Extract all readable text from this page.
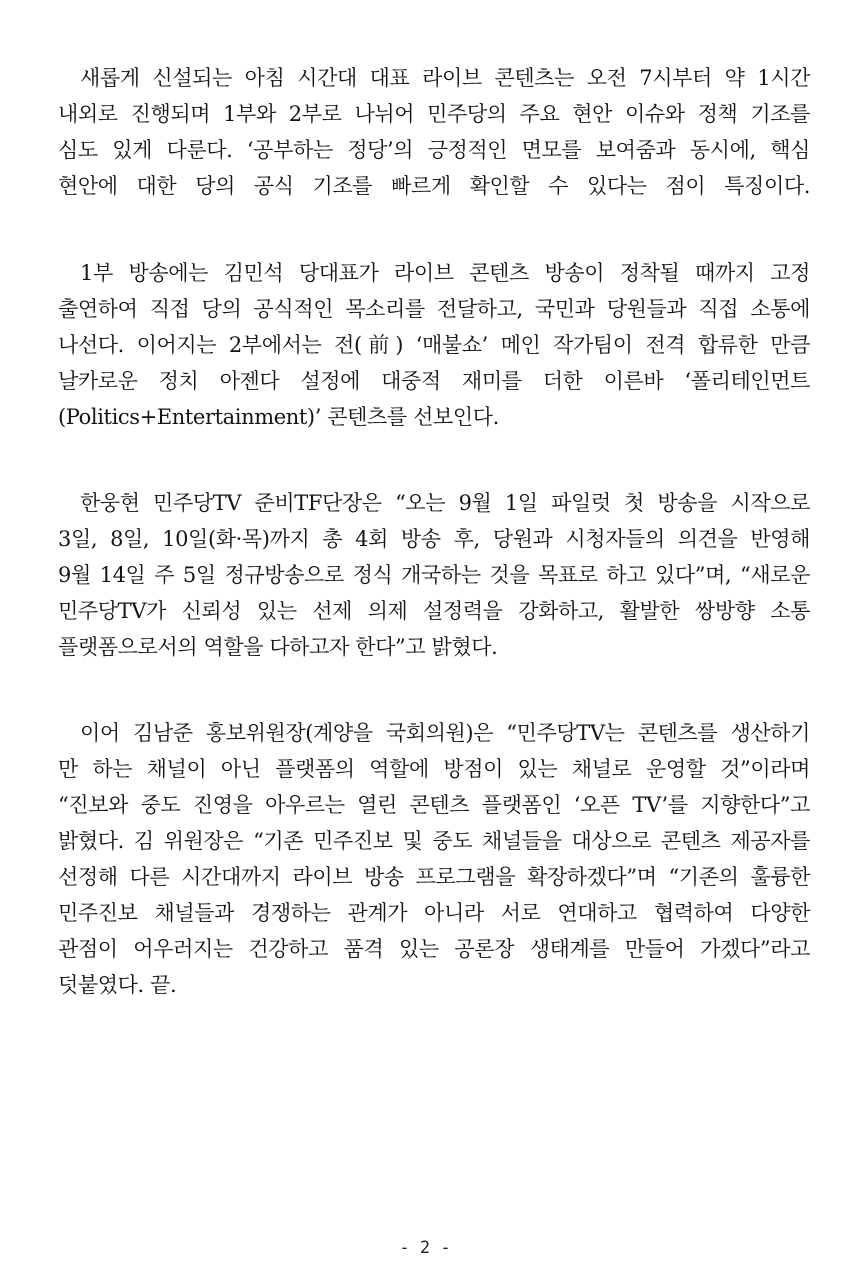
새롭게 신설되는 아침 시간대 대표 라이브 콘텐츠는 오전 7시부터 약 1시간
내외로 진행되며 1부와 2부로 나뉘어 민주당의 주요 현안 이슈와 정책 기조를
심도 있게 다룬다. ‘공부하는 정당’의 긍정적인 면모를 보여줌과 동시에, 핵심
현안에 대한 당의 공식 기조를 빠르게 확인할 수 있다는 점이 특징이다.
1부 방송에는 김민석 당대표가 라이브 콘텐츠 방송이 정착될 때까지 고정
출연하여 직접 당의 공식적인 목소리를 전달하고, 국민과 당원들과 직접 소통에
나선다. 이어지는 2부에서는 전(前) ‘매불쇼’ 메인 작가팀이 전격 합류한 만큼
날카로운 정치 아젠다 설정에 대중적 재미를 더한 이른바 ‘폴리테인먼트
(Politics+Entertainment)’ 콘텐츠를 선보인다.
한웅현 민주당TV 준비TF단장은 “오는 9월 1일 파일럿 첫 방송을 시작으로
3일, 8일, 10일(화·목)까지 총 4회 방송 후, 당원과 시청자들의 의견을 반영해
9월 14일 주 5일 정규방송으로 정식 개국하는 것을 목표로 하고 있다”며, “새로운
민주당TV가 신뢰성 있는 선제 의제 설정력을 강화하고, 활발한 쌍방향 소통
플랫폼으로서의 역할을 다하고자 한다”고 밝혔다.
이어 김남준 홍보위원장(계양을 국회의원)은 “민주당TV는 콘텐츠를 생산하기
만 하는 채널이 아닌 플랫폼의 역할에 방점이 있는 채널로 운영할 것”이라며
“진보와 중도 진영을 아우르는 열린 콘텐츠 플랫폼인 ‘오픈 TV’를 지향한다”고
밝혔다. 김 위원장은 “기존 민주진보 및 중도 채널들을 대상으로 콘텐츠 제공자를
선정해 다른 시간대까지 라이브 방송 프로그램을 확장하겠다”며 “기존의 훌륭한
민주진보 채널들과 경쟁하는 관계가 아니라 서로 연대하고 협력하여 다양한
관점이 어우러지는 건강하고 품격 있는 공론장 생태계를 만들어 가겠다”라고
덧붙였다. 끝.
- 2 -
